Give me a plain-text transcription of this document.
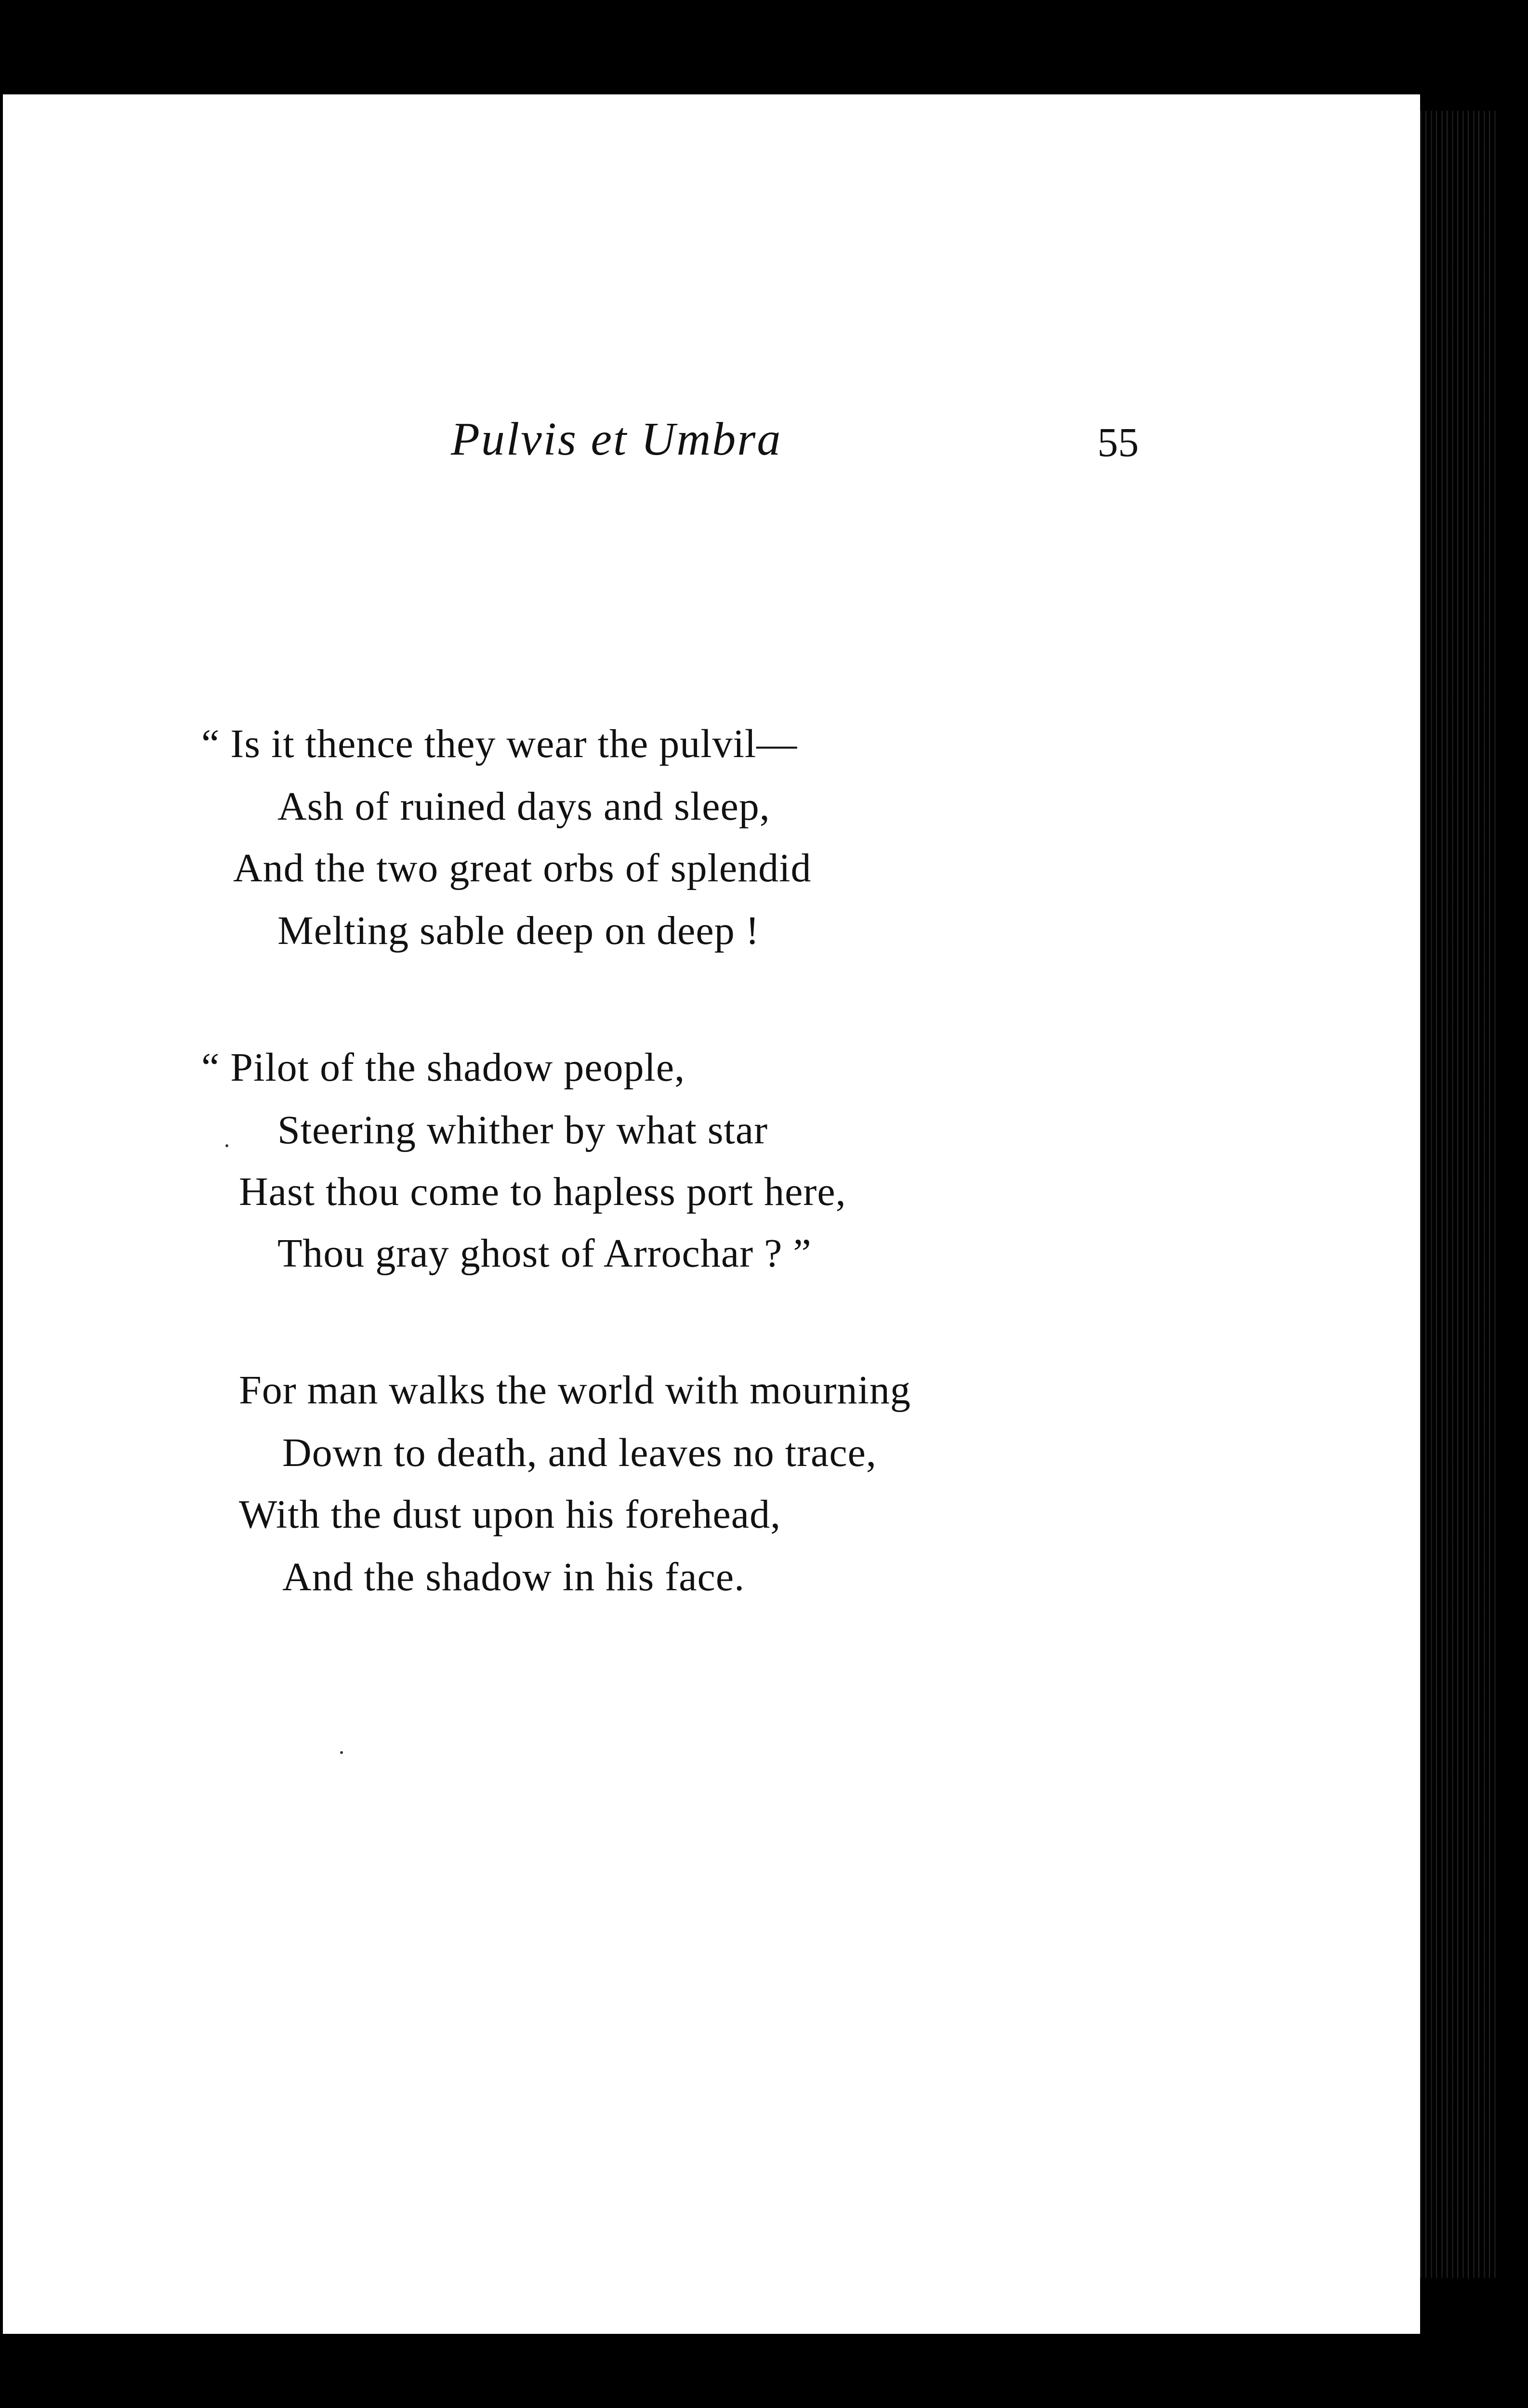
Pulvis et Umbra	55
“ Is it thence they wear the pulvil—
Ash of ruined days and sleep,
And the two great orbs of splendid
Melting sable deep on deep !
“ Pilot of the shadow people,
Steering whither by what star
Hast thou come to hapless port here,
Thou gray ghost of Arrochar ? ”
For man walks the world with mourning
Down to death, and leaves no trace,
With the dust upon his forehead,
And the shadow in his face.
